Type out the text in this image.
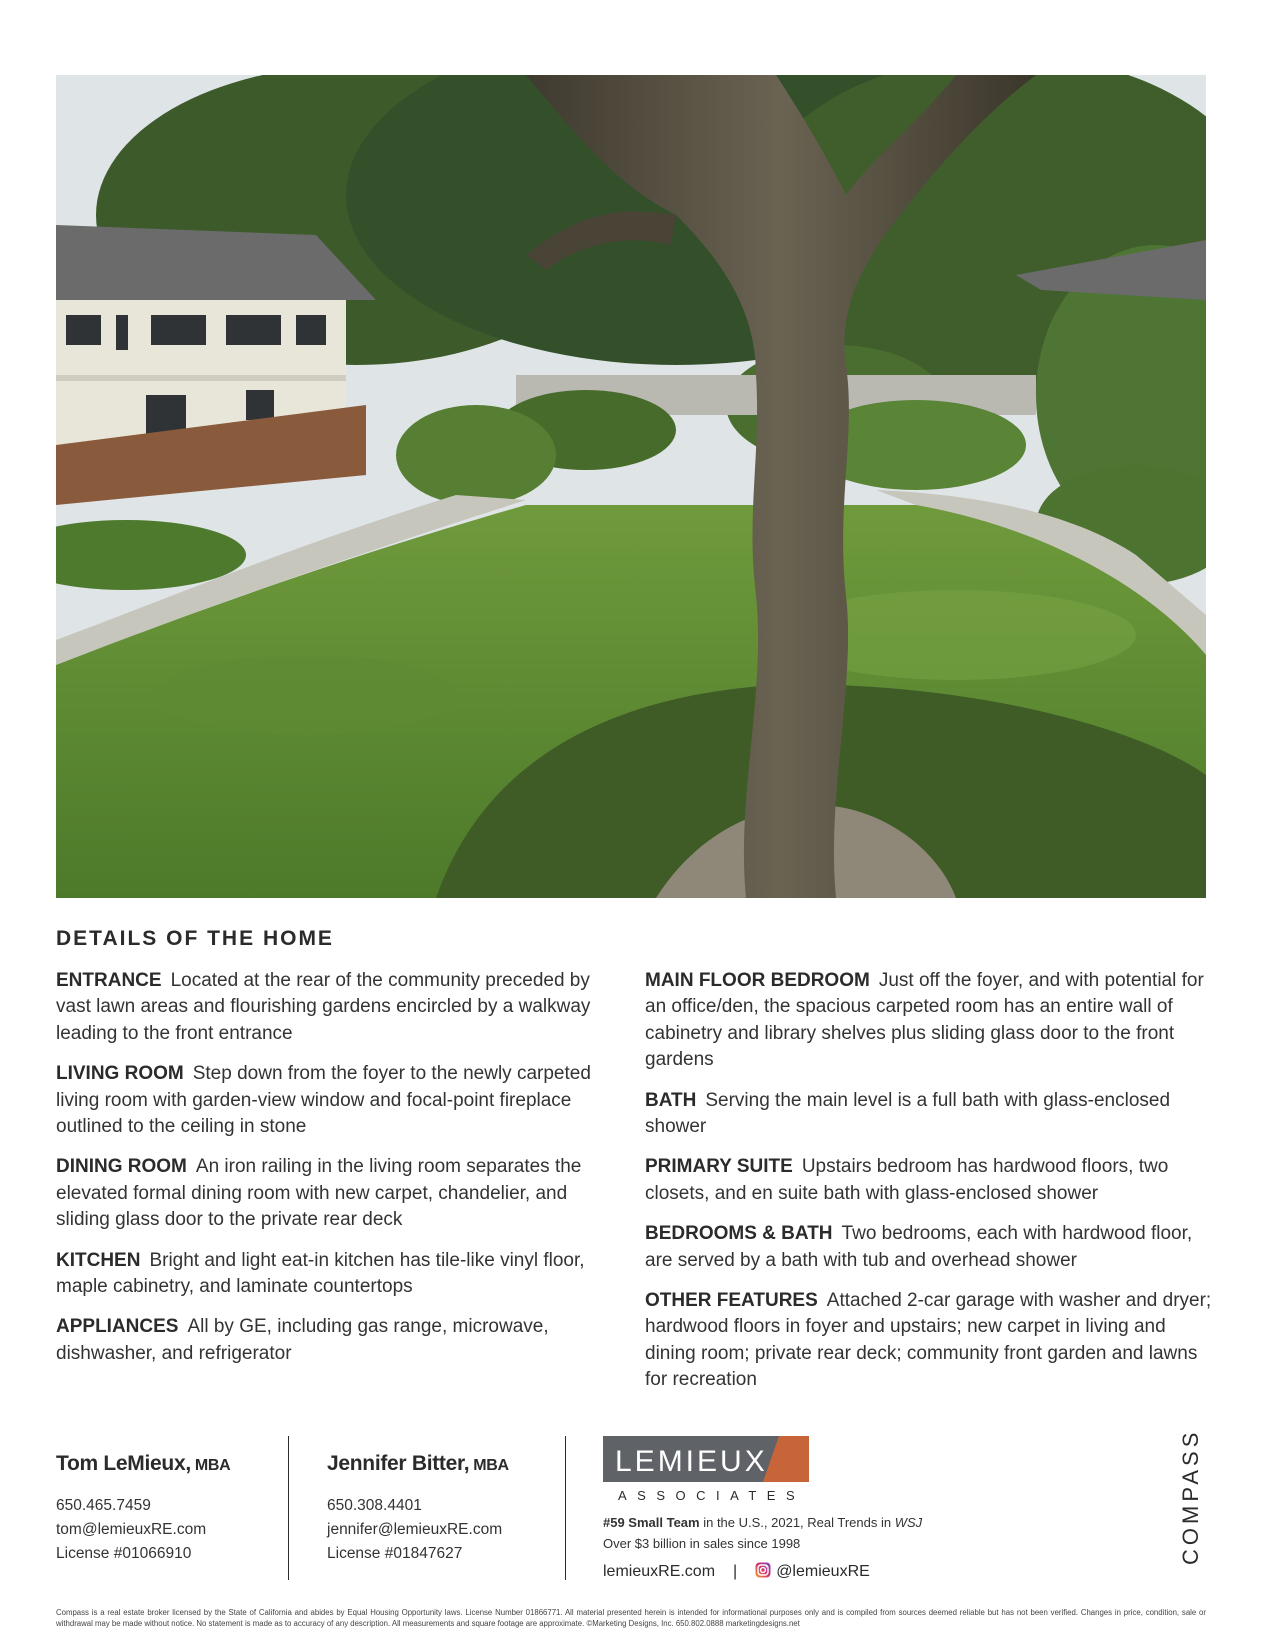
DETAILS OF THE HOME

ENTRANCE Located at the rear of the community preceded by vast lawn areas and flourishing gardens encircled by a walkway leading to the front entrance

LIVING ROOM Step down from the foyer to the newly carpeted living room with garden-view window and focal-point fireplace outlined to the ceiling in stone

DINING ROOM An iron railing in the living room separates the elevated formal dining room with new carpet, chandelier, and sliding glass door to the private rear deck

KITCHEN Bright and light eat-in kitchen has tile-like vinyl floor, maple cabinetry, and laminate countertops

APPLIANCES All by GE, including gas range, microwave, dishwasher, and refrigerator

MAIN FLOOR BEDROOM Just off the foyer, and with potential for an office/den, the spacious carpeted room has an entire wall of cabinetry and library shelves plus sliding glass door to the front gardens

BATH Serving the main level is a full bath with glass-enclosed shower

PRIMARY SUITE Upstairs bedroom has hardwood floors, two closets, and en suite bath with glass-enclosed shower

BEDROOMS & BATH Two bedrooms, each with hardwood floor, are served by a bath with tub and overhead shower

OTHER FEATURES Attached 2-car garage with washer and dryer; hardwood floors in foyer and upstairs; new carpet in living and dining room; private rear deck; community front garden and lawns for recreation

Tom LeMieux, MBA
650.465.7459
tom@lemieuxRE.com
License #01066910
Jennifer Bitter, MBA
650.308.4401
jennifer@lemieuxRE.com
License #01847627
LEMIEUX
ASSOCIATES
#59 Small Team in the U.S., 2021, Real Trends in WSJ
Over $3 billion in sales since 1998
lemieuxRE.com |	@lemieuxRE
COMPASS
Compass is a real estate broker licensed by the State of California and abides by Equal Housing Opportunity laws. License Number 01866771. All material presented herein is intended for informational purposes only and is compiled from sources deemed reliable but has not been verified. Changes in price, condition, sale or withdrawal may be made without notice. No statement is made as to accuracy of any description. All measurements and square footage are approximate. ©Marketing Designs, Inc. 650.802.0888 marketingdesigns.net
